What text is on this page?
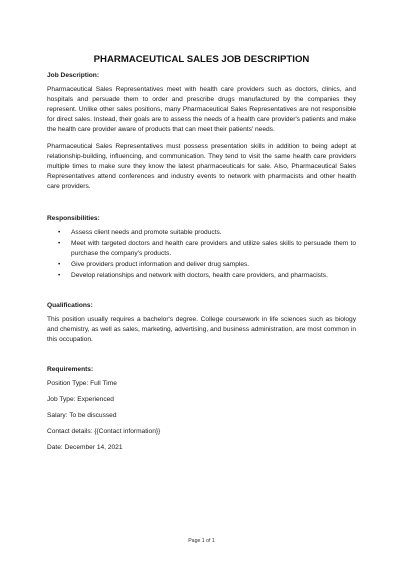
PHARMACEUTICAL SALES JOB DESCRIPTION
Job Description:

Pharmaceutical Sales Representatives meet with health care providers such as doctors, clinics, and hospitals and persuade them to order and prescribe drugs manufactured by the companies they represent. Unlike other sales positions, many Pharmaceutical Sales Representatives are not responsible for direct sales. Instead, their goals are to assess the needs of a health care provider's patients and make the health care provider aware of products that can meet their patients' needs.

Pharmaceutical Sales Representatives must possess presentation skills in addition to being adept at relationship-building, influencing, and communication. They tend to visit the same health care providers multiple times to make sure they know the latest pharmaceuticals for sale. Also, Pharmaceutical Sales Representatives attend conferences and industry events to network with pharmacists and other health care providers.

Responsibilities:
• Assess client needs and promote suitable products.
• Meet with targeted doctors and health care providers and utilize sales skills to persuade them to purchase the company's products.
• Give providers product information and deliver drug samples.
• Develop relationships and network with doctors, health care providers, and pharmacists.
Qualifications:

This position usually requires a bachelor's degree. College coursework in life sciences such as biology and chemistry, as well as sales, marketing, advertising, and business administration, are most common in this occupation.

Requirements:
Position Type: Full Time
Job Type: Experienced
Salary: To be discussed
Contact details: {{Contact information}}
Date: December 14, 2021
Page 1 of 1
